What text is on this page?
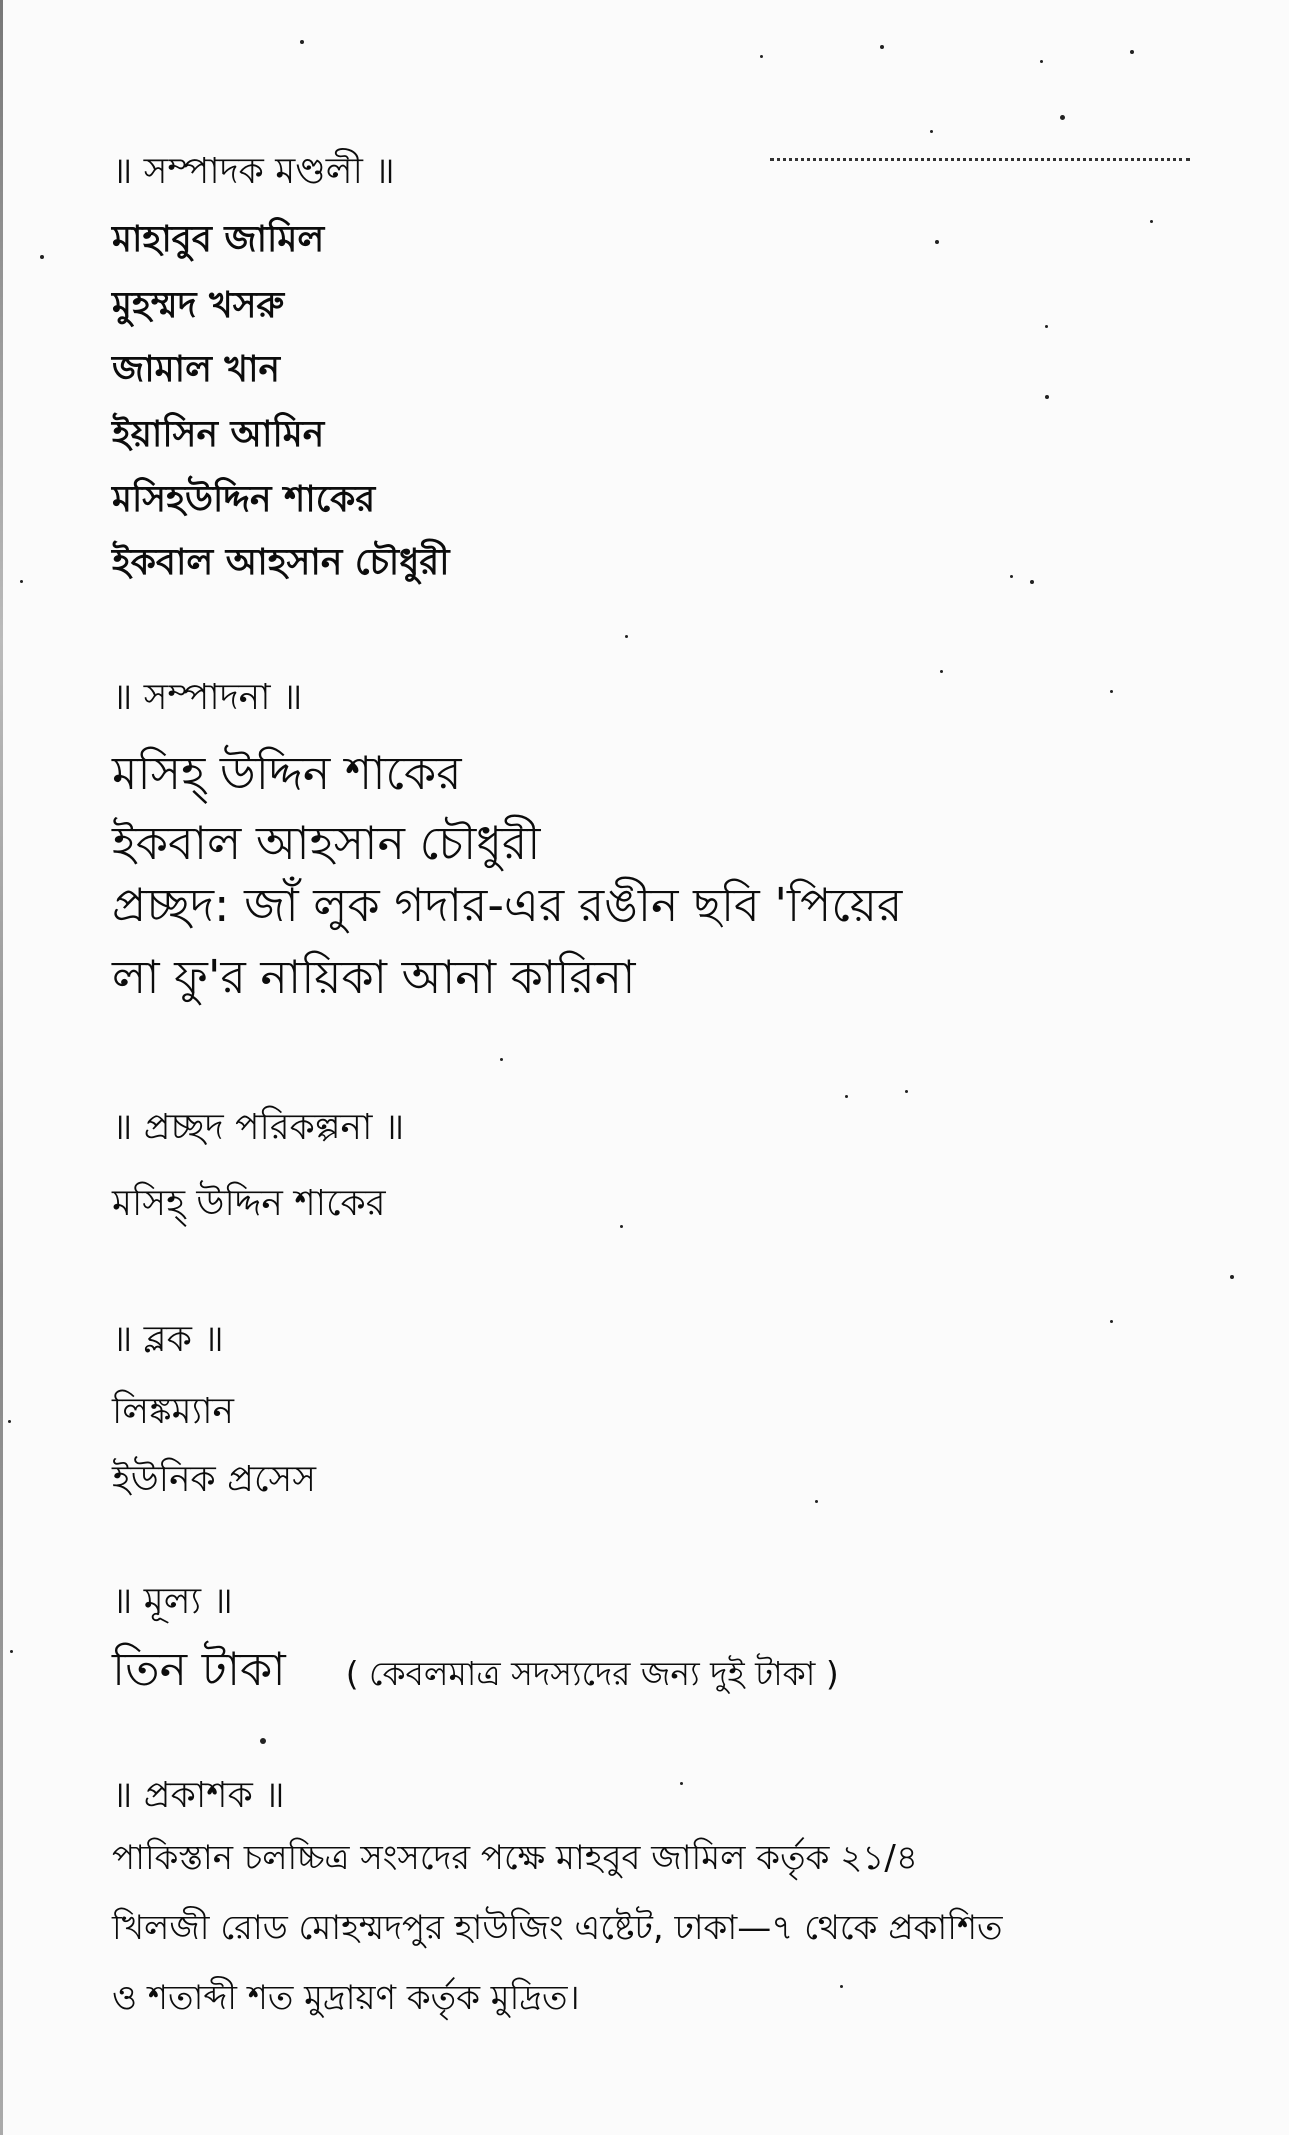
॥ সম্পাদক মণ্ডলী ॥
মাহাবুব জামিল
মুহম্মদ খসরু
জামাল খান
ইয়াসিন আমিন
মসিহউদ্দিন শাকের
ইকবাল আহসান চৌধুরী
॥ সম্পাদনা ॥
মসিহ্ উদ্দিন শাকের
ইকবাল আহসান চৌধুরী
প্রচ্ছদ: জাঁ লুক গদার-এর রঙীন ছবি 'পিয়ের
লা ফু'র নায়িকা আনা কারিনা
॥ প্রচ্ছদ পরিকল্পনা ॥
মসিহ্ উদ্দিন শাকের
॥ ব্লক ॥
লিঙ্কম্যান
ইউনিক প্রসেস
॥ মূল্য ॥
তিন টাকা ( কেবলমাত্র সদস্যদের জন্য দুই টাকা )
॥ প্রকাশক ॥
পাকিস্তান চলচ্চিত্র সংসদের পক্ষে মাহবুব জামিল কর্তৃক ২১/৪
খিলজী রোড মোহম্মদপুর হাউজিং এষ্টেট, ঢাকা—৭ থেকে প্রকাশিত
ও শতাব্দী শত মুদ্রায়ণ কর্তৃক মুদ্রিত।
